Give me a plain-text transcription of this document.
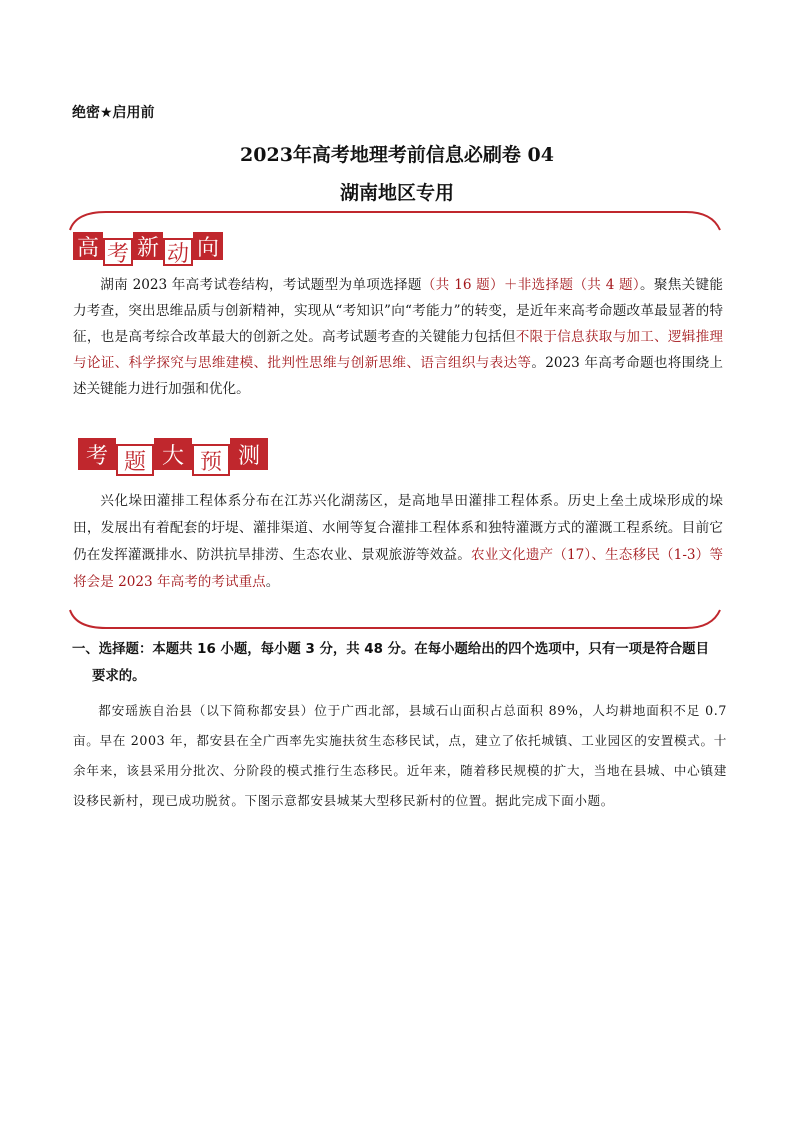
绝密★启用前
2023年高考地理考前信息必刷卷 04
湖南地区专用
高 考 新 动 向

湖南 2023 年高考试卷结构，考试题型为单项选择题（共 16 题）＋非选择题（共 4 题）。聚焦关键能力考查，突出思维品质与创新精神，实现从“考知识”向“考能力”的转变，是近年来高考命题改革最显著的特征，也是高考综合改革最大的创新之处。高考试题考查的关键能力包括但不限于信息获取与加工、逻辑推理与论证、科学探究与思维建模、批判性思维与创新思维、语言组织与表达等。2023 年高考命题也将围绕上述关键能力进行加强和优化。

考 题 大 预 测

兴化垛田灌排工程体系分布在江苏兴化湖荡区，是高地旱田灌排工程体系。历史上垒土成垛形成的垛田，发展出有着配套的圩堤、灌排渠道、水闸等复合灌排工程体系和独特灌溉方式的灌溉工程系统。目前它仍在发挥灌溉排水、防洪抗旱排涝、生态农业、景观旅游等效益。农业文化遗产（17）、生态移民（1-3）等将会是 2023 年高考的考试重点。

一、选择题：本题共 16 小题，每小题 3 分，共 48 分。在每小题给出的四个选项中，只有一项是符合题目
要求的。

都安瑶族自治县（以下简称都安县）位于广西北部，县域石山面积占总面积 89%，人均耕地面积不足 0.7 亩。早在 2003 年，都安县在全广西率先实施扶贫生态移民试，点，建立了依托城镇、工业园区的安置模式。十余年来，该县采用分批次、分阶段的模式推行生态移民。近年来，随着移民规模的扩大，当地在县城、中心镇建设移民新村，现已成功脱贫。下图示意都安县城某大型移民新村的位置。据此完成下面小题。
